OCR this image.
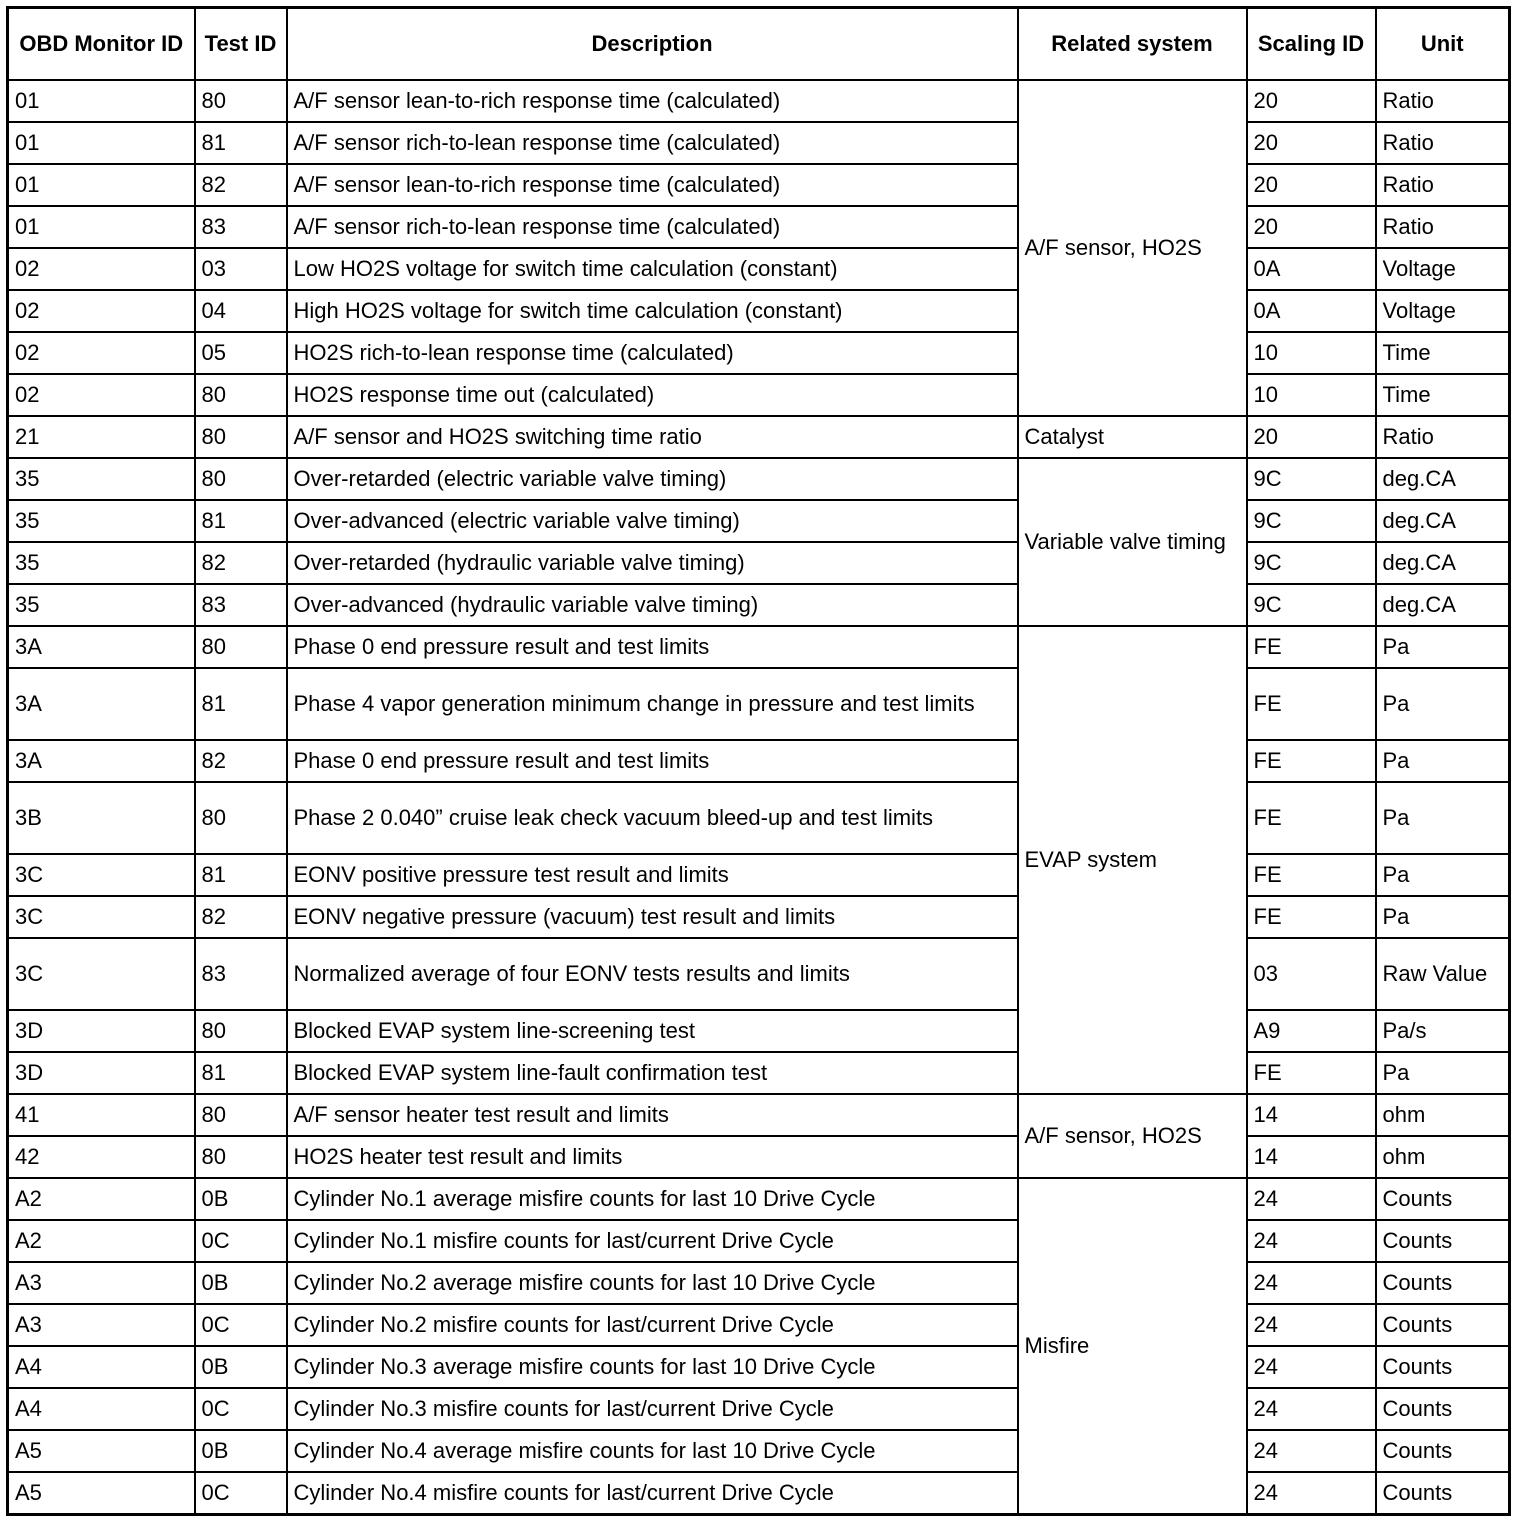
OBD Monitor ID	Test ID	Description	Related system	Scaling ID	Unit
01	80	A/F sensor lean-to-rich response time (calculated)	A/F sensor, HO2S	20	Ratio
01	81	A/F sensor rich-to-lean response time (calculated)		20	Ratio
01	82	A/F sensor lean-to-rich response time (calculated)		20	Ratio
01	83	A/F sensor rich-to-lean response time (calculated)		20	Ratio
02	03	Low HO2S voltage for switch time calculation (constant)		0A	Voltage
02	04	High HO2S voltage for switch time calculation (constant)		0A	Voltage
02	05	HO2S rich-to-lean response time (calculated)		10	Time
02	80	HO2S response time out (calculated)		10	Time
21	80	A/F sensor and HO2S switching time ratio	Catalyst	20	Ratio
35	80	Over-retarded (electric variable valve timing)	Variable valve timing	9C	deg.CA
35	81	Over-advanced (electric variable valve timing)		9C	deg.CA
35	82	Over-retarded (hydraulic variable valve timing)		9C	deg.CA
35	83	Over-advanced (hydraulic variable valve timing)		9C	deg.CA
3A	80	Phase 0 end pressure result and test limits	EVAP system	FE	Pa
3A	81	Phase 4 vapor generation minimum change in pressure and test limits		FE	Pa
3A	82	Phase 0 end pressure result and test limits		FE	Pa
3B	80	Phase 2 0.040” cruise leak check vacuum bleed-up and test limits		FE	Pa
3C	81	EONV positive pressure test result and limits		FE	Pa
3C	82	EONV negative pressure (vacuum) test result and limits		FE	Pa
3C	83	Normalized average of four EONV tests results and limits		03	Raw Value
3D	80	Blocked EVAP system line-screening test		A9	Pa/s
3D	81	Blocked EVAP system line-fault confirmation test		FE	Pa
41	80	A/F sensor heater test result and limits	A/F sensor, HO2S	14	ohm
42	80	HO2S heater test result and limits		14	ohm
A2	0B	Cylinder No.1 average misfire counts for last 10 Drive Cycle	Misfire	24	Counts
A2	0C	Cylinder No.1 misfire counts for last/current Drive Cycle		24	Counts
A3	0B	Cylinder No.2 average misfire counts for last 10 Drive Cycle		24	Counts
A3	0C	Cylinder No.2 misfire counts for last/current Drive Cycle		24	Counts
A4	0B	Cylinder No.3 average misfire counts for last 10 Drive Cycle		24	Counts
A4	0C	Cylinder No.3 misfire counts for last/current Drive Cycle		24	Counts
A5	0B	Cylinder No.4 average misfire counts for last 10 Drive Cycle		24	Counts
A5	0C	Cylinder No.4 misfire counts for last/current Drive Cycle		24	Counts
